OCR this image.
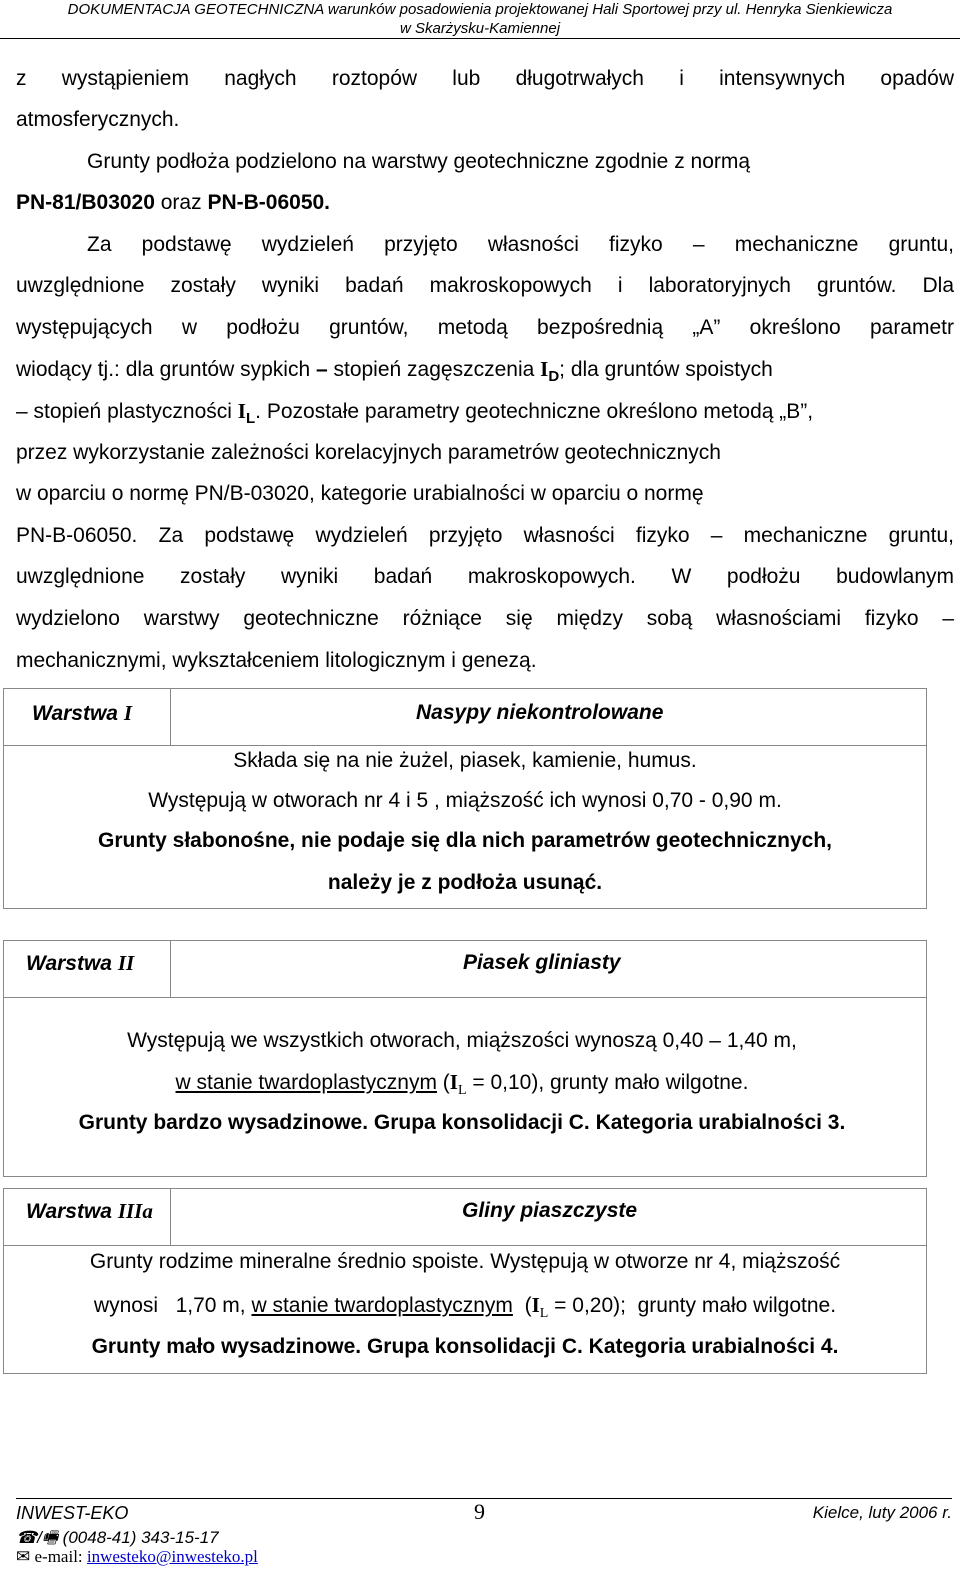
DOKUMENTACJA GEOTECHNICZNA warunków posadowienia projektowanej Hali Sportowej przy ul. Henryka Sienkiewicza
w Skarżysku-Kamiennej
z wystąpieniem nagłych roztopów lub długotrwałych i intensywnych opadów
atmosferycznych.
Grunty podłoża podzielono na warstwy geotechniczne zgodnie z normą
PN-81/B03020 oraz PN-B-06050.
Za podstawę wydzieleń przyjęto własności fizyko – mechaniczne gruntu,
uwzględnione zostały wyniki badań makroskopowych i laboratoryjnych gruntów. Dla
występujących w podłożu gruntów, metodą bezpośrednią „A” określono parametr
wiodący tj.: dla gruntów sypkich – stopień zagęszczenia $I_D$; dla gruntów spoistych
– stopień plastyczności $I_L$. Pozostałe parametry geotechniczne określono metodą „B”,
przez wykorzystanie zależności korelacyjnych parametrów geotechnicznych
w oparciu o normę PN/B-03020, kategorie urabialności w oparciu o normę
PN-B-06050. Za podstawę wydzieleń przyjęto własności fizyko – mechaniczne gruntu,
uwzględnione zostały wyniki badań makroskopowych. W podłożu budowlanym
wydzielono warstwy geotechniczne różniące się między sobą własnościami fizyko –
mechanicznymi, wykształceniem litologicznym i genezą.
Warstwa I	Nasypy niekontrolowane
Składa się na nie żużel, piasek, kamienie, humus.
Występują w otworach nr 4 i 5 , miąższość ich wynosi 0,70 - 0,90 m.
Grunty słabonośne, nie podaje się dla nich parametrów geotechnicznych,
należy je z podłoża usunąć.
Warstwa II	Piasek gliniasty
Występują we wszystkich otworach, miąższości wynoszą 0,40 – 1,40 m,
w stanie twardoplastycznym $(I_L = 0,10)$, grunty mało wilgotne.
Grunty bardzo wysadzinowe. Grupa konsolidacji C. Kategoria urabialności 3.
Warstwa IIIa	Gliny piaszczyste
Grunty rodzime mineralne średnio spoiste. Występują w otworze nr 4, miąższość
wynosi   1,70 m, w stanie twardoplastycznym  $(I_L = 0,20)$;  grunty mało wilgotne.
Grunty mało wysadzinowe. Grupa konsolidacji C. Kategoria urabialności 4.
INWEST-EKO	9	Kielce, luty 2006 r.
☎/🖷 (0048-41) 343-15-17
✉ e-mail: inwesteko@inwesteko.pl
